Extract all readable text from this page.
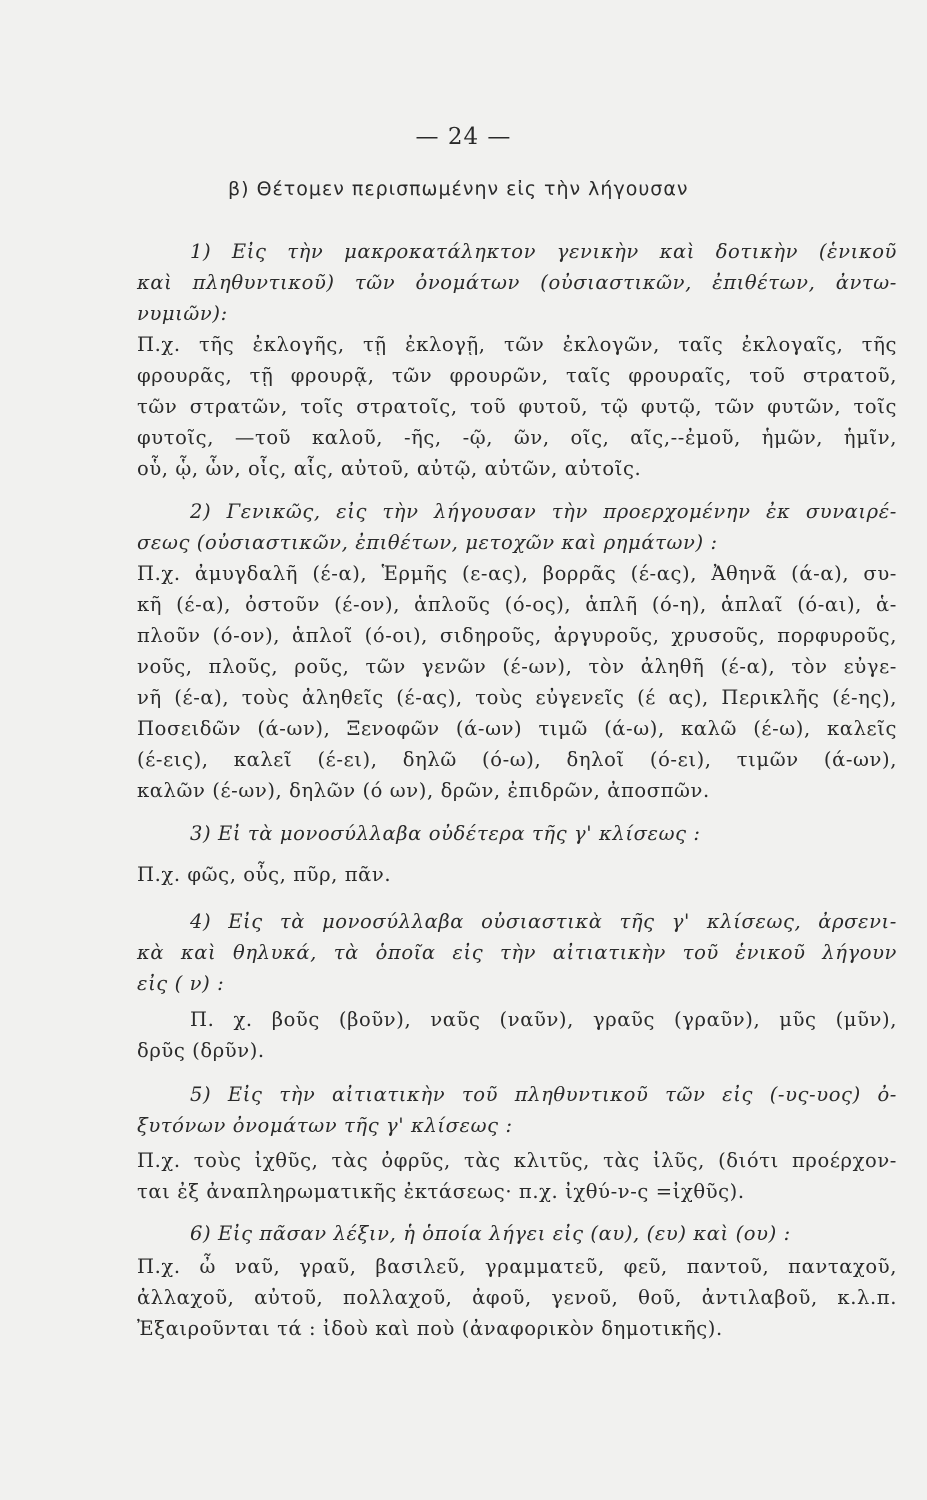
— 24 —
β) Θέτομεν περισπωμένην εἰς τὴν λήγουσαν
1) Εἰς τὴν μακροκατάληκτον γενικὴν καὶ δοτικὴν (ἑνικοῦ
καὶ πληθυντικοῦ) τῶν ὀνομάτων (οὐσιαστικῶν, ἐπιθέτων, ἀντω-
νυμιῶν):
Π.χ. τῆς ἐκλογῆς, τῇ ἐκλογῇ, τῶν ἐκλογῶν, ταῖς ἐκλογαῖς, τῆς
φρουρᾶς, τῇ φρουρᾷ, τῶν φρουρῶν, ταῖς φρουραῖς, τοῦ στρατοῦ,
τῶν στρατῶν, τοῖς στρατοῖς, τοῦ φυτοῦ, τῷ φυτῷ, τῶν φυτῶν, τοῖς
φυτοῖς, —τοῦ καλοῦ, -ῆς, -ῷ, ῶν, οῖς, αῖς,--ἐμοῦ, ἡμῶν, ἡμῖν,
οὗ, ᾧ, ὧν, οἷς, αἷς, αὐτοῦ, αὐτῷ, αὐτῶν, αὐτοῖς.
2) Γενικῶς, εἰς τὴν λήγουσαν τὴν προερχομένην ἐκ συναιρέ-
σεως (οὐσιαστικῶν, ἐπιθέτων, μετοχῶν καὶ ρημάτων) :
Π.χ. ἀμυγδαλῆ (έ-α), Ἑρμῆς (ε-ας), βορρᾶς (έ-ας), Ἀθηνᾶ (ά-α), συ-
κῆ (έ-α), ὀστοῦν (έ-ον), ἁπλοῦς (ό-ος), ἁπλῆ (ό-η), ἁπλαῖ (ό-αι), ἁ-
πλοῦν (ό-ον), ἁπλοῖ (ό-οι), σιδηροῦς, ἀργυροῦς, χρυσοῦς, πορφυροῦς,
νοῦς, πλοῦς, ροῦς, τῶν γενῶν (έ-ων), τὸν ἀληθῆ (έ-α), τὸν εὐγε-
νῆ (έ-α), τοὺς ἀληθεῖς (έ-ας), τοὺς εὐγενεῖς (έ ας), Περικλῆς (έ-ης),
Ποσειδῶν (ά-ων), Ξενοφῶν (ά-ων) τιμῶ (ά-ω), καλῶ (έ-ω), καλεῖς
(έ-εις), καλεῖ (έ-ει), δηλῶ (ό-ω), δηλοῖ (ό-ει), τιμῶν (ά-ων),
καλῶν (έ-ων), δηλῶν (ό ων), δρῶν, ἐπιδρῶν, ἀποσπῶν.
3) Εἰ τὰ μονοσύλλαβα οὐδέτερα τῆς γ' κλίσεως :
Π.χ. φῶς, οὖς, πῦρ, πᾶν.
4) Εἰς τὰ μονοσύλλαβα οὐσιαστικὰ τῆς γ' κλίσεως, ἀρσενι-
κὰ καὶ θηλυκά, τὰ ὁποῖα εἰς τὴν αἰτιατικὴν τοῦ ἑνικοῦ λήγουν
εἰς ( ν) :
Π. χ. βοῦς (βοῦν), ναῦς (ναῦν), γραῦς (γραῦν), μῦς (μῦν),
δρῦς (δρῦν).
5) Εἰς τὴν αἰτιατικὴν τοῦ πληθυντικοῦ τῶν εἰς (-υς-υος) ὀ-
ξυτόνων ὀνομάτων τῆς γ' κλίσεως :
Π.χ. τοὺς ἰχθῦς, τὰς ὀφρῦς, τὰς κλιτῦς, τὰς ἰλῦς, (διότι προέρχον-
ται ἐξ ἀναπληρωματικῆς ἐκτάσεως· π.χ. ἰχθύ-ν-ς =ἰχθῦς).
6) Εἰς πᾶσαν λέξιν, ἡ ὁποία λήγει εἰς (αυ), (ευ) καὶ (ου) :
Π.χ. ὦ ναῦ, γραῦ, βασιλεῦ, γραμματεῦ, φεῦ, παντοῦ, πανταχοῦ,
ἀλλαχοῦ, αὐτοῦ, πολλαχοῦ, ἀφοῦ, γενοῦ, θοῦ, ἀντιλαβοῦ, κ.λ.π.
Ἐξαιροῦνται τά : ἰδοὺ καὶ ποὺ (ἀναφορικὸν δημοτικῆς).
